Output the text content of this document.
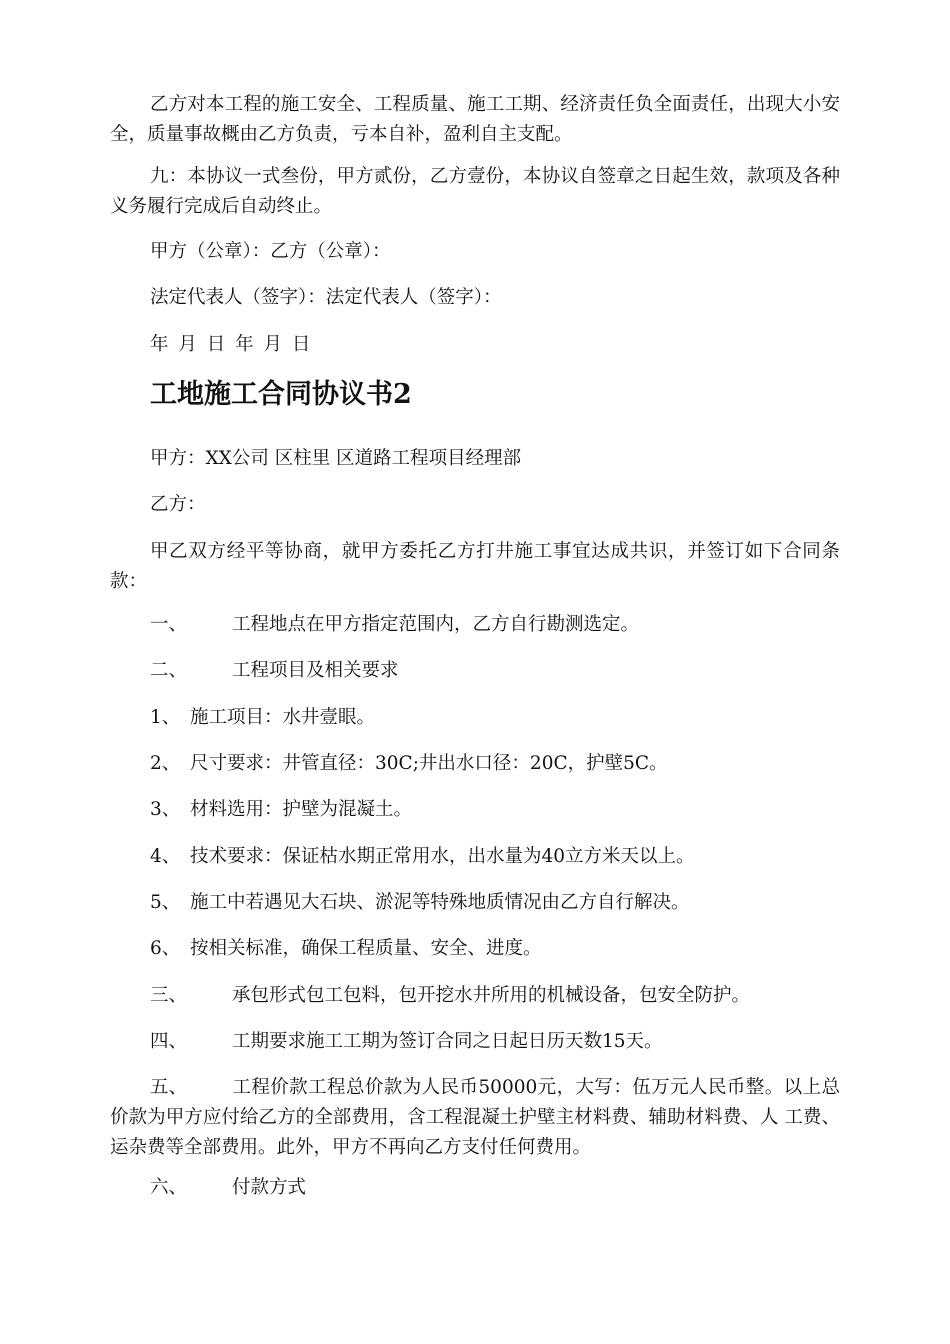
乙方对本工程的施工安全、工程质量、施工工期、经济责任负全面责任，出现大小安全，质量事故概由乙方负责，亏本自补，盈利自主支配。

九：本协议一式叁份，甲方贰份，乙方壹份，本协议自签章之日起生效，款项及各种义务履行完成后自动终止。

甲方（公章）：乙方（公章）：

法定代表人（签字）：法定代表人（签字）：

年 月 日 年 月 日

工地施工合同协议书2

甲方：XX公司 区柱里 区道路工程项目经理部

乙方：

甲乙双方经平等协商，就甲方委托乙方打井施工事宜达成共识，并签订如下合同条款：

一、 工程地点在甲方指定范围内，乙方自行勘测选定。

二、 工程项目及相关要求

1、 施工项目：水井壹眼。

2、 尺寸要求：井管直径：30C;井出水口径：20C，护壁5C。

3、 材料选用：护壁为混凝土。

4、 技术要求：保证枯水期正常用水，出水量为40立方米天以上。

5、 施工中若遇见大石块、淤泥等特殊地质情况由乙方自行解决。

6、 按相关标准，确保工程质量、安全、进度。

三、 承包形式包工包料，包开挖水井所用的机械设备，包安全防护。

四、 工期要求施工工期为签订合同之日起日历天数15天。

五、 工程价款工程总价款为人民币50000元，大写：伍万元人民币整。以上总 价款为甲方应付给乙方的全部费用，含工程混凝土护壁主材料费、辅助材料费、人 工费、运杂费等全部费用。此外，甲方不再向乙方支付任何费用。

六、 付款方式
